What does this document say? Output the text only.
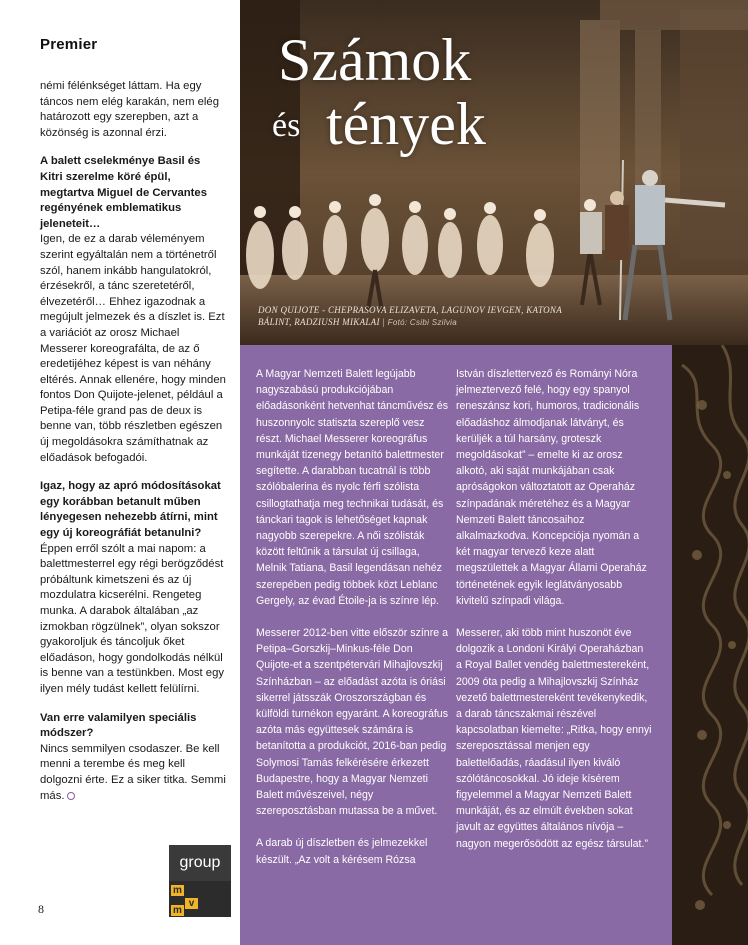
Premier

némi félénkséget láttam. Ha egy táncos nem elég karakán, nem elég határozott egy szerepben, azt a közönség is azonnal érzi.

A balett cselekménye Basil és Kitri szerelme köré épül, megtartva Miguel de Cervantes regényének emblematikus jeleneteit…

Igen, de ez a darab véleményem szerint egyáltalán nem a történetről szól, hanem inkább hangulatokról, érzésekről, a tánc szeretetéről, élvezetéről… Ehhez igazodnak a megújult jelmezek és a díszlet is. Ezt a variációt az orosz Michael Messerer koreografálta, de az ő eredetijéhez képest is van néhány eltérés. Annak ellenére, hogy minden fontos Don Quijote-jelenet, például a Petipa-féle grand pas de deux is benne van, több részletben egészen új megoldásokra számíthatnak az előadások befogadói.

Igaz, hogy az apró módosításokat egy korábban betanult műben lényegesen nehezebb átírni, mint egy új koreográfiát betanulni?

Éppen erről szólt a mai napom: a balettmesterrel egy régi berögződést próbáltunk kimetszeni és az új mozdulatra kicserélni. Rengeteg munka. A darabok általában „az izmokban rögzülnek”, olyan sokszor gyakoroljuk és táncoljuk őket előadáson, hogy gondolkodás nélkül is benne van a testünkben. Most egy ilyen mély tudást kellett felülírni.

Van erre valamilyen speciális módszer?

Nincs semmilyen csodaszer. Be kell menni a terembe és meg kell dolgozni érte. Ez a siker titka. Semmi más.

8
group
m
v
m
Számok
és tények
DON QUIJOTE - CHEPRASOVA ELIZAVETA, LAGUNOV IEVGEN, KATONA BÁLINT, RADZIUSH MIKALAI | Fotó: Csibi Szilvia

A Magyar Nemzeti Balett legújabb nagyszabású produkciójában előadásonként hetvenhat táncművész és huszonnyolc statiszta szereplő vesz részt. Michael Messerer koreográfus munkáját tizenegy betanító balettmester segítette. A darabban tucatnál is több szólóbalerina és nyolc férfi szólista csillogtathatja meg technikai tudását, és tánckari tagok is lehetőséget kapnak nagyobb szerepekre. A női szólisták között feltűnik a társulat új csillaga, Melnik Tatiana, Basil legendásan nehéz szerepében pedig többek közt Leblanc Gergely, az évad Étoile-ja is színre lép.

Messerer 2012-ben vitte először színre a Petipa–Gorszkij–Minkus-féle Don Quijote-et a szentpétervári Mihajlovszkij Színházban – az előadást azóta is óriási sikerrel játsszák Oroszországban és külföldi turnékon egyaránt. A koreográfus azóta más együttesek számára is betanította a produkciót, 2016-ban pedig Solymosi Tamás felkérésére érkezett Budapestre, hogy a Magyar Nemzeti Balett művészeivel, négy szereposztásban mutassa be a művet.

A darab új díszletben és jelmezekkel készült. „Az volt a kérésem Rózsa

István díszlettervező és Rományi Nóra jelmeztervező felé, hogy egy spanyol reneszánsz kori, humoros, tradicionális előadáshoz álmodjanak látványt, és kerüljék a túl harsány, groteszk megoldásokat” – emelte ki az orosz alkotó, aki saját munkájában csak apróságokon változtatott az Operaház színpadának méretéhez és a Magyar Nemzeti Balett táncosaihoz alkalmazkodva. Koncepciója nyomán a két magyar tervező keze alatt megszülettek a Magyar Állami Operaház történetének egyik leglátványosabb kivitelű színpadi világa.

Messerer, aki több mint huszonöt éve dolgozik a Londoni Királyi Operaházban a Royal Ballet vendég balettmestereként, 2009 óta pedig a Mihajlovszkij Színház vezető balettmestereként tevékenykedik, a darab táncszakmai részével kapcsolatban kiemelte: „Ritka, hogy ennyi szereposztással menjen egy balettelőadás, ráadásul ilyen kiváló szólótáncosokkal. Jó ideje kísérem figyelemmel a Magyar Nemzeti Balett munkáját, és az elmúlt években sokat javult az együttes általános nívója – nagyon megerősödött az egész társulat.”
